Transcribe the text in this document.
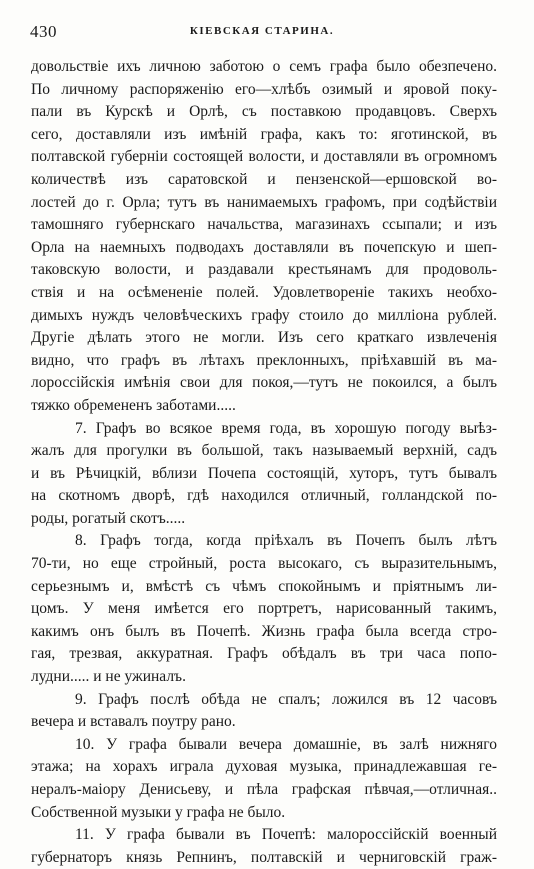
430	КІЕВСКАЯ СТАРИНА.
довольствіе ихъ личною заботою о семъ графа было обезпечено.
По личному распоряженію его—хлѣбъ озимый и яровой поку-
пали въ Курскѣ и Орлѣ, съ поставкою продавцовъ. Сверхъ
сего, доставляли изъ имѣній графа, какъ то: яготинской, въ
полтавской губерніи состоящей волости, и доставляли въ огромномъ
количествѣ изъ саратовской и пензенской—ершовской во-
лостей до г. Орла; тутъ въ нанимаемыхъ графомъ, при содѣйствіи
тамошняго губернскаго начальства, магазинахъ ссыпали; и изъ
Орла на наемныхъ подводахъ доставляли въ почепскую и шеп-
таковскую волости, и раздавали крестьянамъ для продоволь-
ствія и на осѣмененіе полей. Удовлетвореніе такихъ необхо-
димыхъ нуждъ человѣческихъ графу стоило до милліона рублей.
Другіе дѣлать этого не могли. Изъ сего краткаго извлеченія
видно, что графъ въ лѣтахъ преклонныхъ, пріѣхавшій въ ма-
лороссійскія имѣнія свои для покоя,—тутъ не покоился, а былъ
тяжко обремененъ заботами.....
7. Графъ во всякое время года, въ хорошую погоду выѣз-
жалъ для прогулки въ большой, такъ называемый верхній, садъ
и въ Рѣчицкій, вблизи Почепа состоящій, хуторъ, тутъ бывалъ
на скотномъ дворѣ, гдѣ находился отличный, голландской по-
роды, рогатый скотъ.....
8. Графъ тогда, когда пріѣхалъ въ Почепъ былъ лѣтъ
70-ти, но еще стройный, роста высокаго, съ выразительнымъ,
серьезнымъ и, вмѣстѣ съ чѣмъ спокойнымъ и пріятнымъ ли-
цомъ. У меня имѣется его портретъ, нарисованный такимъ,
какимъ онъ былъ въ Почепѣ. Жизнь графа была всегда стро-
гая, трезвая, аккуратная. Графъ обѣдалъ въ три часа попо-
лудни..... и не ужиналъ.
9. Графъ послѣ обѣда не спалъ; ложился въ 12 часовъ
вечера и вставалъ поутру рано.
10. У графа бывали вечера домашніе, въ залѣ нижняго
этажа; на хорахъ играла духовая музыка, принадлежавшая ге-
нералъ-маіору Денисьеву, и пѣла графская пѣвчая,—отличная..
Собственной музыки у графа не было.
11. У графа бывали въ Почепѣ: малороссійскій военный
губернаторъ князь Репнинъ, полтавскій и черниговскій граж-
